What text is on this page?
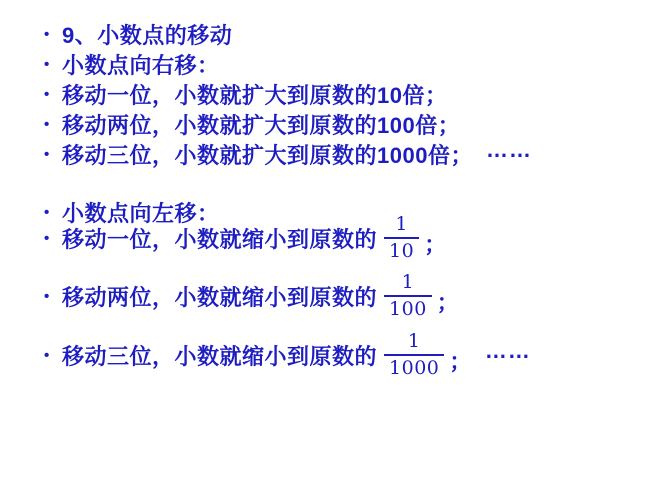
• 9、小数点的移动
• 小数点向右移：
• 移动一位，小数就扩大到原数的10倍；
• 移动两位，小数就扩大到原数的100倍；
• 移动三位，小数就扩大到原数的1000倍； ……
• 小数点向左移：
• 移动一位，小数就缩小到原数的 $\frac{1}{10}$ ；
• 移动两位，小数就缩小到原数的 $\frac{1}{100}$ ；
• 移动三位，小数就缩小到原数的 $\frac{1}{1000}$ ； ……
